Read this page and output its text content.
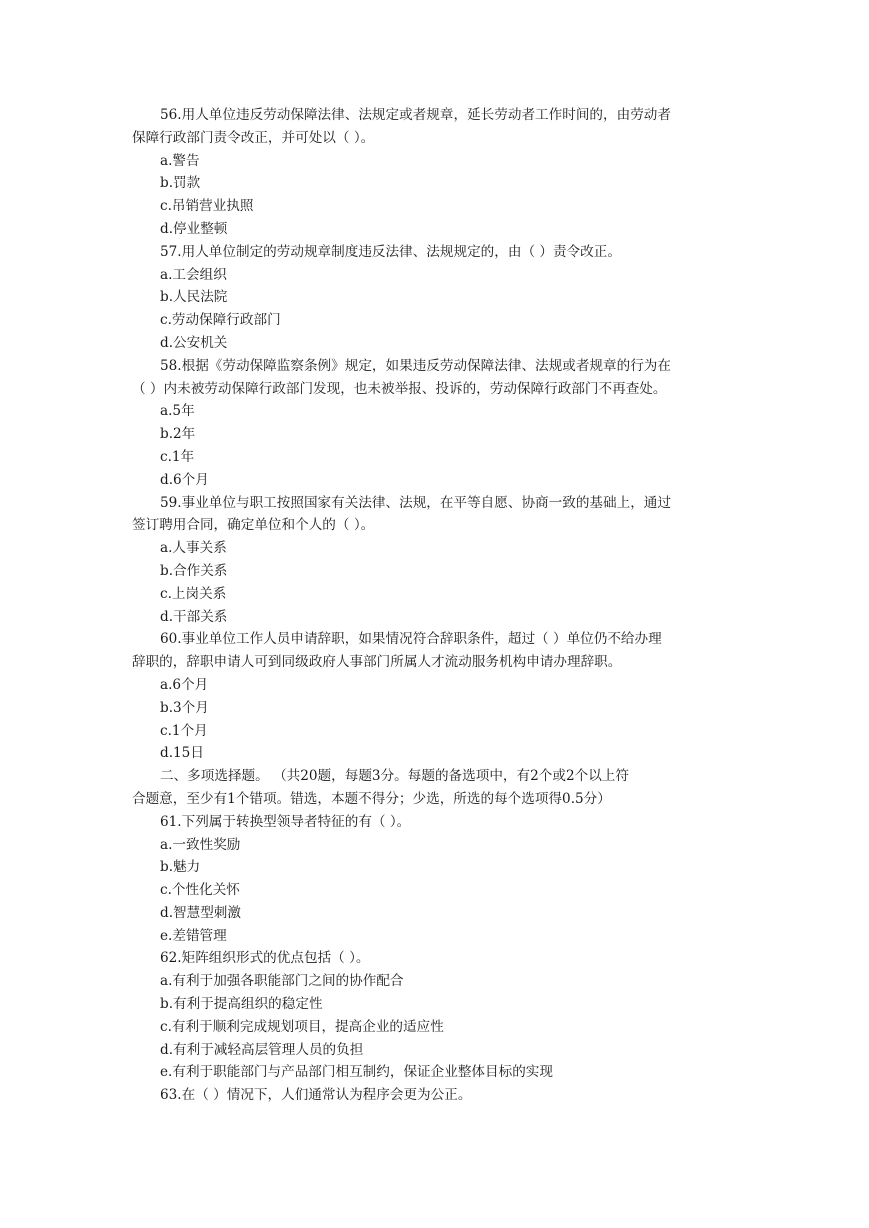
56.用人单位违反劳动保障法律、法规定或者规章，延长劳动者工作时间的，由劳动者
保障行政部门责令改正，并可处以（ ）。
a.警告
b.罚款
c.吊销营业执照
d.停业整顿
57.用人单位制定的劳动规章制度违反法律、法规规定的，由（ ）责令改正。
a.工会组织
b.人民法院
c.劳动保障行政部门
d.公安机关
58.根据《劳动保障监察条例》规定，如果违反劳动保障法律、法规或者规章的行为在
（ ）内未被劳动保障行政部门发现，也未被举报、投诉的，劳动保障行政部门不再查处。
a.5年
b.2年
c.1年
d.6个月
59.事业单位与职工按照国家有关法律、法规，在平等自愿、协商一致的基础上，通过
签订聘用合同，确定单位和个人的（ ）。
a.人事关系
b.合作关系
c.上岗关系
d.干部关系
60.事业单位工作人员申请辞职，如果情况符合辞职条件，超过（ ）单位仍不给办理
辞职的，辞职申请人可到同级政府人事部门所属人才流动服务机构申请办理辞职。
a.6个月
b.3个月
c.1个月
d.15日
二、多项选择题。 （共20题，每题3分。每题的备选项中，有2个或2个以上符
合题意，至少有1个错项。错选，本题不得分；少选，所选的每个选项得0.5分）
61.下列属于转换型领导者特征的有（ ）。
a.一致性奖励
b.魅力
c.个性化关怀
d.智慧型刺激
e.差错管理
62.矩阵组织形式的优点包括（ ）。
a.有利于加强各职能部门之间的协作配合
b.有利于提高组织的稳定性
c.有利于顺利完成规划项目，提高企业的适应性
d.有利于减轻高层管理人员的负担
e.有利于职能部门与产品部门相互制约，保证企业整体目标的实现
63.在（ ）情况下，人们通常认为程序会更为公正。
